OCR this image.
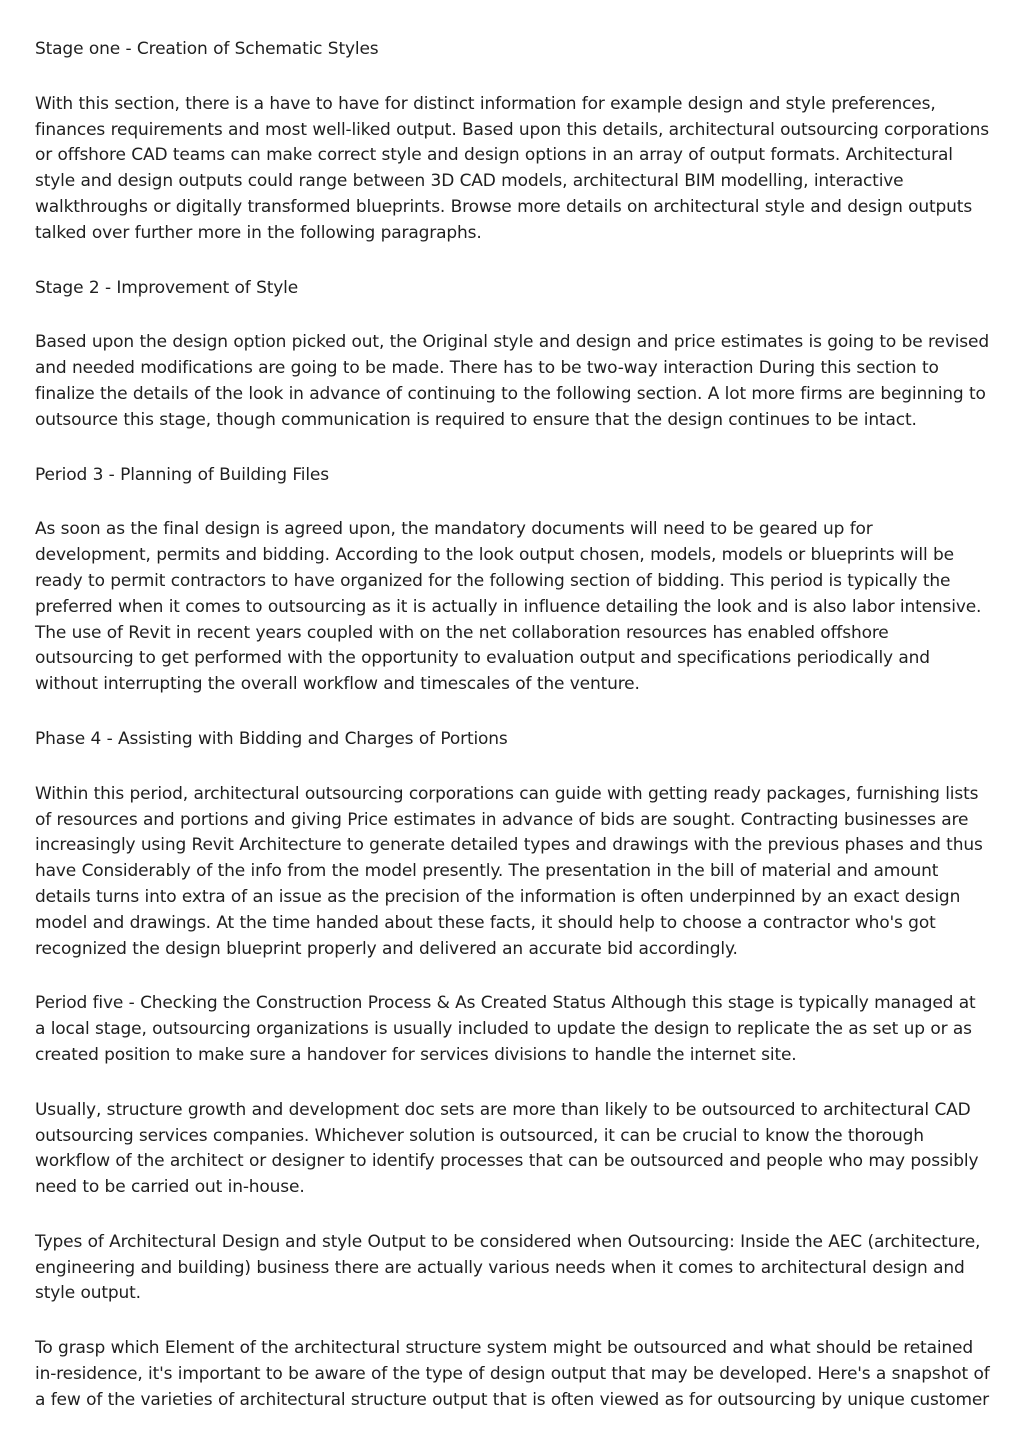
Stage one - Creation of Schematic Styles

With this section, there is a have to have for distinct information for example design and style preferences, finances requirements and most well-liked output. Based upon this details, architectural outsourcing corporations or offshore CAD teams can make correct style and design options in an array of output formats. Architectural style and design outputs could range between 3D CAD models, architectural BIM modelling, interactive walkthroughs or digitally transformed blueprints. Browse more details on architectural style and design outputs talked over further more in the following paragraphs.

Stage 2 - Improvement of Style

Based upon the design option picked out, the Original style and design and price estimates is going to be revised and needed modifications are going to be made. There has to be two-way interaction During this section to finalize the details of the look in advance of continuing to the following section. A lot more firms are beginning to outsource this stage, though communication is required to ensure that the design continues to be intact.

Period 3 - Planning of Building Files

As soon as the final design is agreed upon, the mandatory documents will need to be geared up for development, permits and bidding. According to the look output chosen, models, models or blueprints will be ready to permit contractors to have organized for the following section of bidding. This period is typically the preferred when it comes to outsourcing as it is actually in influence detailing the look and is also labor intensive. The use of Revit in recent years coupled with on the net collaboration resources has enabled offshore outsourcing to get performed with the opportunity to evaluation output and specifications periodically and without interrupting the overall workflow and timescales of the venture.

Phase 4 - Assisting with Bidding and Charges of Portions

Within this period, architectural outsourcing corporations can guide with getting ready packages, furnishing lists of resources and portions and giving Price estimates in advance of bids are sought. Contracting businesses are increasingly using Revit Architecture to generate detailed types and drawings with the previous phases and thus have Considerably of the info from the model presently. The presentation in the bill of material and amount details turns into extra of an issue as the precision of the information is often underpinned by an exact design model and drawings. At the time handed about these facts, it should help to choose a contractor who's got recognized the design blueprint properly and delivered an accurate bid accordingly.

Period five - Checking the Construction Process & As Created Status Although this stage is typically managed at a local stage, outsourcing organizations is usually included to update the design to replicate the as set up or as created position to make sure a handover for services divisions to handle the internet site.

Usually, structure growth and development doc sets are more than likely to be outsourced to architectural CAD outsourcing services companies. Whichever solution is outsourced, it can be crucial to know the thorough workflow of the architect or designer to identify processes that can be outsourced and people who may possibly need to be carried out in-house.

Types of Architectural Design and style Output to be considered when Outsourcing: Inside the AEC (architecture, engineering and building) business there are actually various needs when it comes to architectural design and style output.

To grasp which Element of the architectural structure system might be outsourced and what should be retained in-residence, it's important to be aware of the type of design output that may be developed. Here's a snapshot of a few of the varieties of architectural structure output that is often viewed as for outsourcing by unique customer
